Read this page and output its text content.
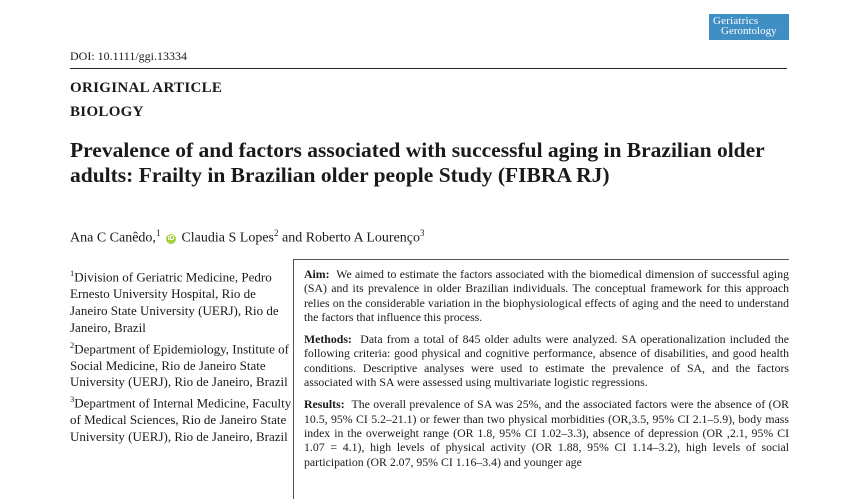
Geriatrics
Gerontology
DOI: 10.1111/ggi.13334
ORIGINAL ARTICLE
BIOLOGY
Prevalence of and factors associated with successful aging in Brazilian older adults: Frailty in Brazilian older people Study (FIBRA RJ)
Ana C Canêdo,$^1$ iD Claudia S Lopes$^2$ and Roberto A Lourenço$^3$
$^1$Division of Geriatric Medicine, Pedro Ernesto University Hospital, Rio de Janeiro State University (UERJ), Rio de Janeiro, Brazil
$^2$Department of Epidemiology, Institute of Social Medicine, Rio de Janeiro State University (UERJ), Rio de Janeiro, Brazil
$^3$Department of Internal Medicine, Faculty of Medical Sciences, Rio de Janeiro State University (UERJ), Rio de Janeiro, Brazil

Aim: We aimed to estimate the factors associated with the biomedical dimension of successful aging (SA) and its prevalence in older Brazilian individuals. The conceptual framework for this approach relies on the considerable variation in the biophysiological effects of aging and the need to understand the factors that influence this process.

Methods: Data from a total of 845 older adults were analyzed. SA operationalization included the following criteria: good physical and cognitive performance, absence of disabilities, and good health conditions. Descriptive analyses were used to estimate the prevalence of SA, and the factors associated with SA were assessed using multivariate logistic regressions.

Results: The overall prevalence of SA was 25%, and the associated factors were the absence of (OR 10.5, 95% CI 5.2–21.1) or fewer than two physical morbidities (OR,3.5, 95% CI 2.1–5.9), body mass index in the overweight range (OR 1.8, 95% CI 1.02–3.3), absence of depression (OR ,2.1, 95% CI 1.07 = 4.1), high levels of physical activity (OR 1.88, 95% CI 1.14–3.2), high levels of social participation (OR 2.07, 95% CI 1.16–3.4) and younger age
